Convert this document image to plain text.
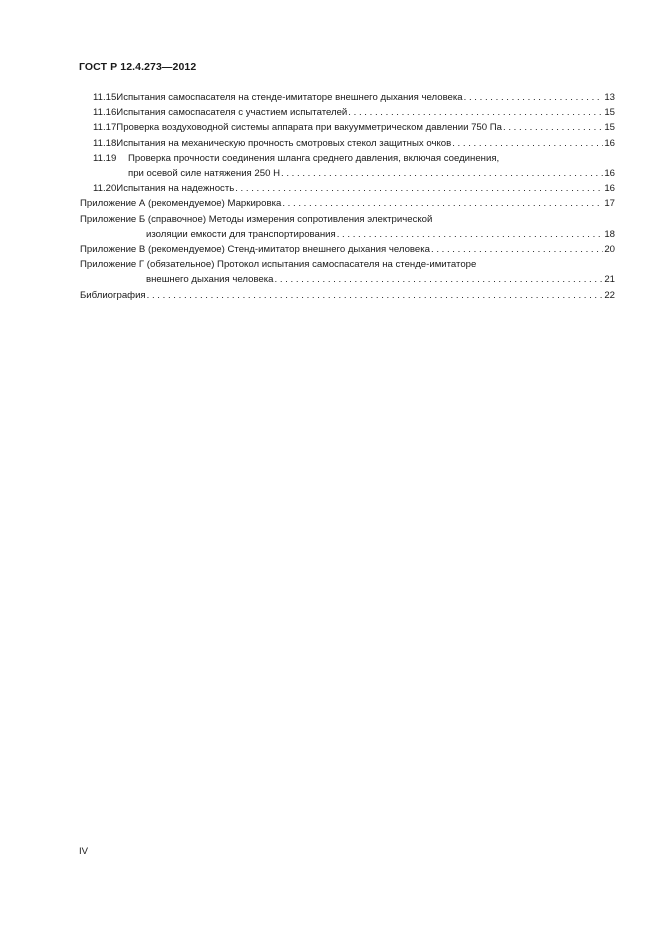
ГОСТ Р 12.4.273—2012
11.15 Испытания самоспасателя на стенде-имитаторе внешнего дыхания человека . . .	13
11.16 Испытания самоспасателя с участием испытателей . . .	15
11.17 Проверка воздуховодной системы аппарата при вакуумметрическом давлении 750 Па . . .	15
11.18 Испытания на механическую прочность смотровых стекол защитных очков . . .	16
11.19	Проверка прочности соединения шланга среднего давления, включая соединения,
при осевой силе натяжения 250 Н . . .	16
11.20 Испытания на надежность . . .	16
Приложение А (рекомендуемое) Маркировка . . .	17
Приложение Б (справочное) Методы измерения сопротивления электрической
изоляции емкости для транспортирования . . .	18
Приложение В (рекомендуемое) Стенд-имитатор внешнего дыхания человека . . .	20
Приложение Г (обязательное) Протокол испытания самоспасателя на стенде-имитаторе
внешнего дыхания человека . . .	21
Библиография . . .	22
IV
